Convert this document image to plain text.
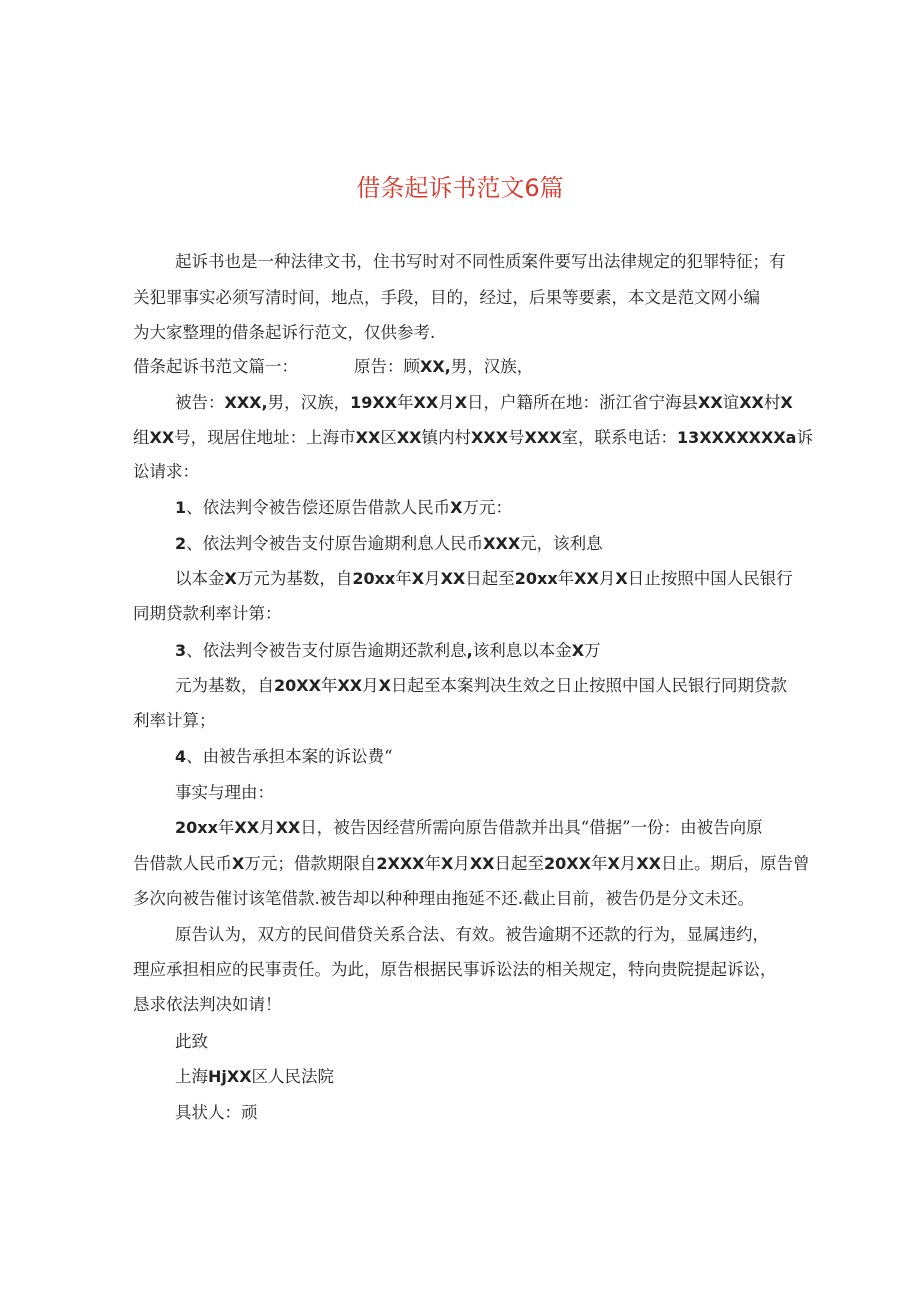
借条起诉书范文6篇
起诉书也是一种法律文书，住书写时对不同性质案件要写出法律规定的犯罪特征；有
关犯罪事实必须写清时间，地点，手段，目的，经过，后果等要素，本文是范文网小编
为大家整理的借条起诉行范文，仅供参考.
借条起诉书范文篇一：	原告：顾XX,男，汉族，
被告：XXX,男，汉族，19XX年XX月X日，户籍所在地：浙江省宁海县XX谊XX村X
组XX号，现居住地址：上海市XX区XX镇内村XXX号XXX室，联系电话：13XXXXXXXa诉
讼请求：
1、依法判令被告偿还原告借款人民币X万元：
2、依法判令被告支付原告逾期利息人民币XXX元，该利息
以本金X万元为基数，自20xx年X月XX日起至20xx年XX月X日止按照中国人民银行
同期贷款利率计第：
3、依法判令被告支付原告逾期还款利息,该利息以本金X万
元为基数，自20XX年XX月X日起至本案判决生效之日止按照中国人民银行同期贷款
利率计算；
4、由被告承担本案的诉讼费“
事实与理由：
20xx年XX月XX日，被告因经营所需向原告借款并出具“借据”一份：由被告向原
告借款人民币X万元；借款期限自2XXX年X月XX日起至20XX年X月XX日止。期后，原告曾
多次向被告催讨该笔借款.被告却以种种理由拖延不还.截止目前，被告仍是分文未还。
原告认为，双方的民间借贷关系合法、有效。被告逾期不还款的行为，显属违约，
理应承担相应的民事责任。为此，原告根据民事诉讼法的相关规定，特向贵院提起诉讼，
恳求依法判决如请！
此致
上海HjXX区人民法院
具状人：顽
